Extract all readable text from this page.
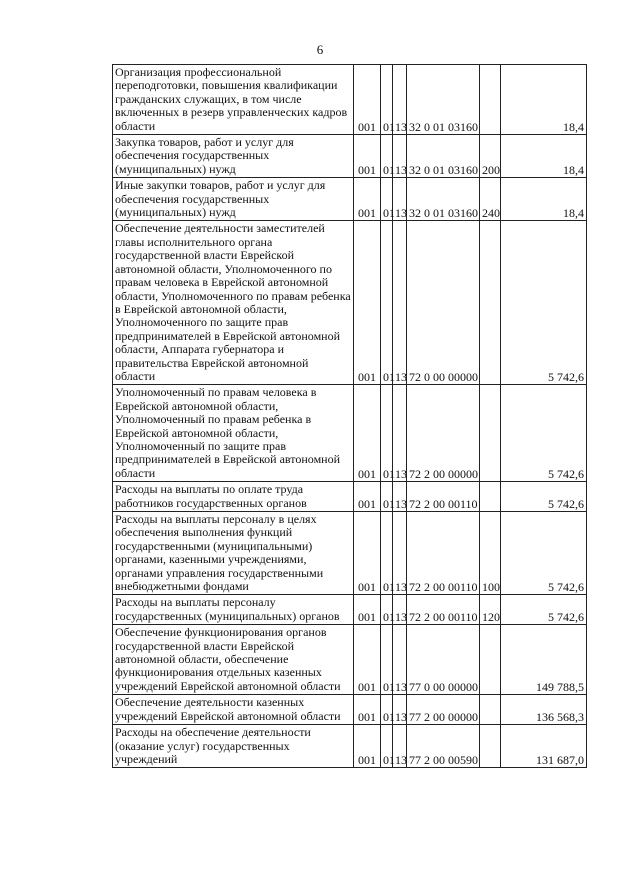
6
Организация профессиональной переподготовки, повышения квалификации гражданских служащих, в том числе включенных в резерв управленческих кадров области	001	01	13	32 0 01 03160		18,4
Закупка товаров, работ и услуг для обеспечения государственных (муниципальных) нужд	001	01	13	32 0 01 03160	200	18,4
Иные закупки товаров, работ и услуг для обеспечения государственных (муниципальных) нужд	001	01	13	32 0 01 03160	240	18,4
Обеспечение деятельности заместителей главы исполнительного органа государственной власти Еврейской автономной области, Уполномоченного по правам человека в Еврейской автономной области, Уполномоченного по правам ребенка в Еврейской автономной области, Уполномоченного по защите прав предпринимателей в Еврейской автономной области, Аппарата губернатора и правительства Еврейской автономной области	001	01	13	72 0 00 00000		5 742,6
Уполномоченный по правам человека в Еврейской автономной области, Уполномоченный по правам ребенка в Еврейской автономной области, Уполномоченный по защите прав предпринимателей в Еврейской автономной области	001	01	13	72 2 00 00000		5 742,6
Расходы на выплаты по оплате труда работников государственных органов	001	01	13	72 2 00 00110		5 742,6
Расходы на выплаты персоналу в целях обеспечения выполнения функций государственными (муниципальными) органами, казенными учреждениями, органами управления государственными внебюджетными фондами	001	01	13	72 2 00 00110	100	5 742,6
Расходы на выплаты персоналу государственных (муниципальных) органов	001	01	13	72 2 00 00110	120	5 742,6
Обеспечение функционирования органов государственной власти Еврейской автономной области, обеспечение функционирования отдельных казенных учреждений Еврейской автономной области	001	01	13	77 0 00 00000		149 788,5
Обеспечение деятельности казенных учреждений Еврейской автономной области	001	01	13	77 2 00 00000		136 568,3
Расходы на обеспечение деятельности (оказание услуг) государственных учреждений	001	01	13	77 2 00 00590		131 687,0
